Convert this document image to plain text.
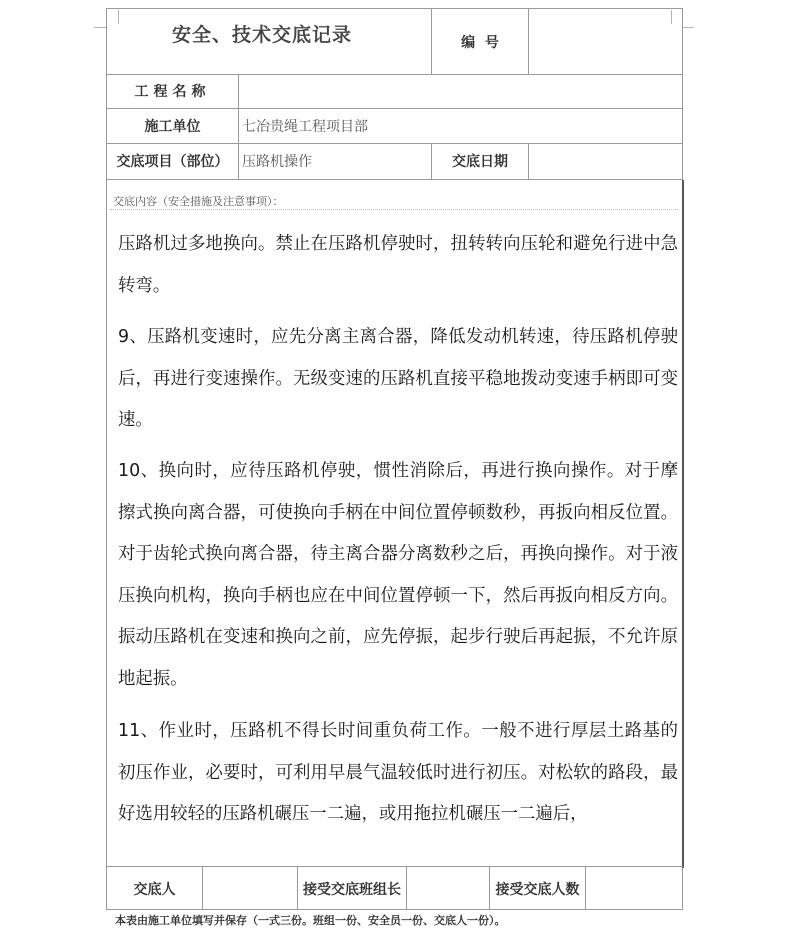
安全、技术交底记录	编  号
工程名称
施工单位	七冶贵绳工程项目部
交底项目（部位） 压路机操作	交底日期
交底内容（安全措施及注意事项）：

压路机过多地换向。禁止在压路机停驶时，扭转转向压轮和避免行进中急转弯。

9、压路机变速时，应先分离主离合器，降低发动机转速，待压路机停驶后，再进行变速操作。无级变速的压路机直接平稳地拨动变速手柄即可变速。

10、换向时，应待压路机停驶，惯性消除后，再进行换向操作。对于摩擦式换向离合器，可使换向手柄在中间位置停顿数秒，再扳向相反位置。对于齿轮式换向离合器，待主离合器分离数秒之后，再换向操作。对于液压换向机构，换向手柄也应在中间位置停顿一下，然后再扳向相反方向。振动压路机在变速和换向之前，应先停振，起步行驶后再起振，不允许原地起振。

11、作业时，压路机不得长时间重负荷工作。一般不进行厚层土路基的初压作业，必要时，可利用早晨气温较低时进行初压。对松软的路段，最好选用较轻的压路机碾压一二遍，或用拖拉机碾压一二遍后，

交底人	接受交底班组长	接受交底人数
本表由施工单位填写并保存（一式三份。班组一份、安全员一份、交底人一份）。
